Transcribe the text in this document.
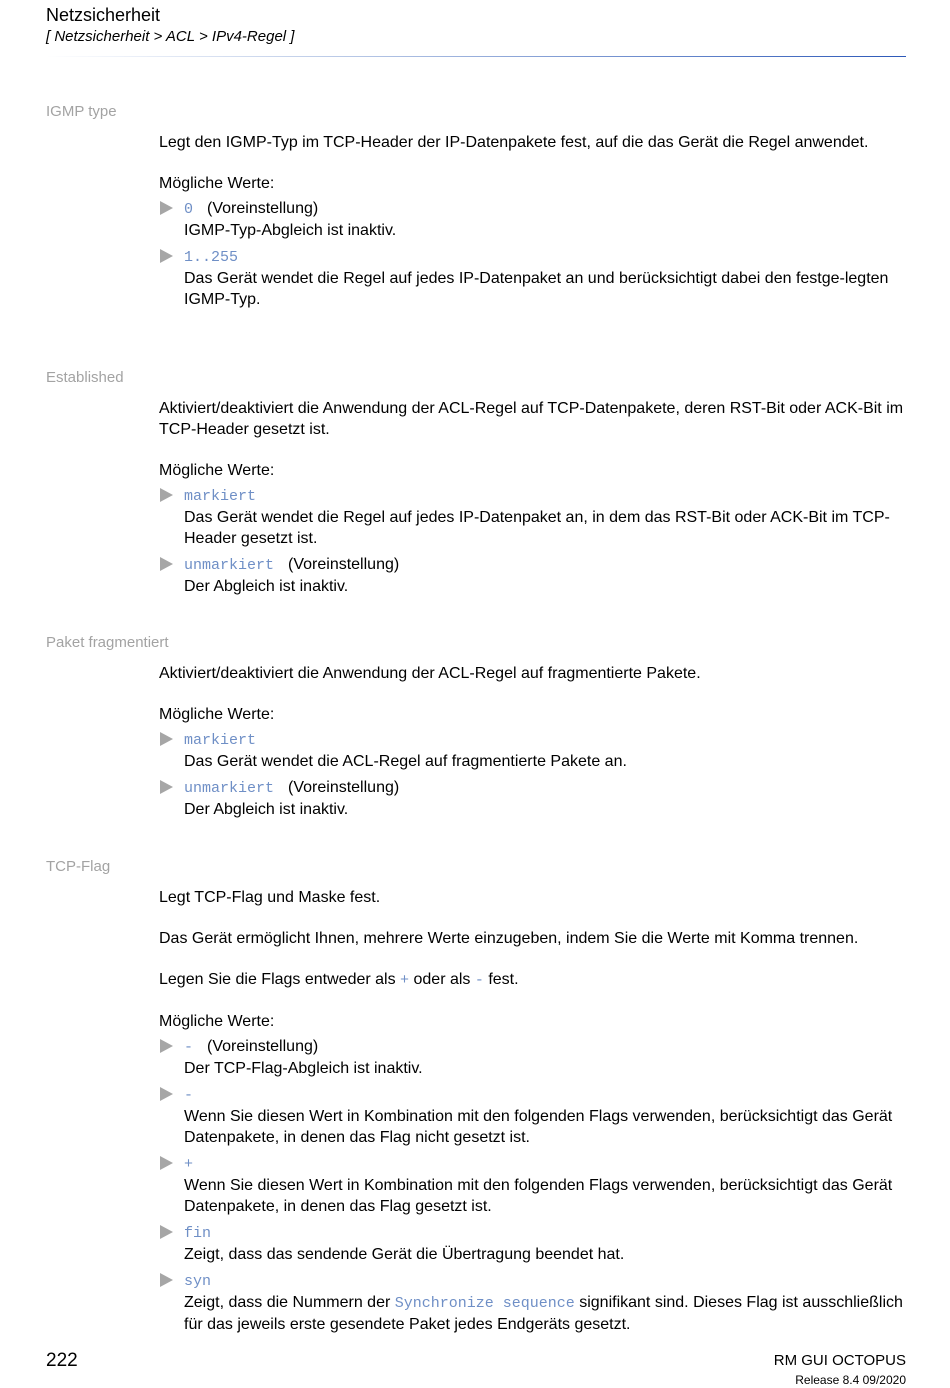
Netzsicherheit
[ Netzsicherheit > ACL > IPv4-Regel ]
IGMP type

Legt den IGMP-Typ im TCP-Header der IP-Datenpakete fest, auf die das Gerät die Regel anwendet.

Mögliche Werte:

0 (Voreinstellung)
IGMP-Typ-Abgleich ist inaktiv.
1..255
Das Gerät wendet die Regel auf jedes IP-Datenpaket an und berücksichtigt dabei den festge-legten IGMP-Typ.
Established

Aktiviert/deaktiviert die Anwendung der ACL-Regel auf TCP-Datenpakete, deren RST-Bit oder ACK-Bit im TCP-Header gesetzt ist.

Mögliche Werte:

markiert
Das Gerät wendet die Regel auf jedes IP-Datenpaket an, in dem das RST-Bit oder ACK-Bit im TCP-Header gesetzt ist.
unmarkiert (Voreinstellung)
Der Abgleich ist inaktiv.
Paket fragmentiert

Aktiviert/deaktiviert die Anwendung der ACL-Regel auf fragmentierte Pakete.

Mögliche Werte:

markiert
Das Gerät wendet die ACL-Regel auf fragmentierte Pakete an.
unmarkiert (Voreinstellung)
Der Abgleich ist inaktiv.
TCP-Flag

Legt TCP-Flag und Maske fest.

Das Gerät ermöglicht Ihnen, mehrere Werte einzugeben, indem Sie die Werte mit Komma trennen.

Legen Sie die Flags entweder als + oder als - fest.

Mögliche Werte:

- (Voreinstellung)
Der TCP-Flag-Abgleich ist inaktiv.
-
Wenn Sie diesen Wert in Kombination mit den folgenden Flags verwenden, berücksichtigt das Gerät Datenpakete, in denen das Flag nicht gesetzt ist.
+
Wenn Sie diesen Wert in Kombination mit den folgenden Flags verwenden, berücksichtigt das Gerät Datenpakete, in denen das Flag gesetzt ist.
fin
Zeigt, dass das sendende Gerät die Übertragung beendet hat.
syn
Zeigt, dass die Nummern der Synchronize sequence signifikant sind. Dieses Flag ist ausschließlich für das jeweils erste gesendete Paket jedes Endgeräts gesetzt.
222	RM GUI OCTOPUS
Release 8.4 09/2020
